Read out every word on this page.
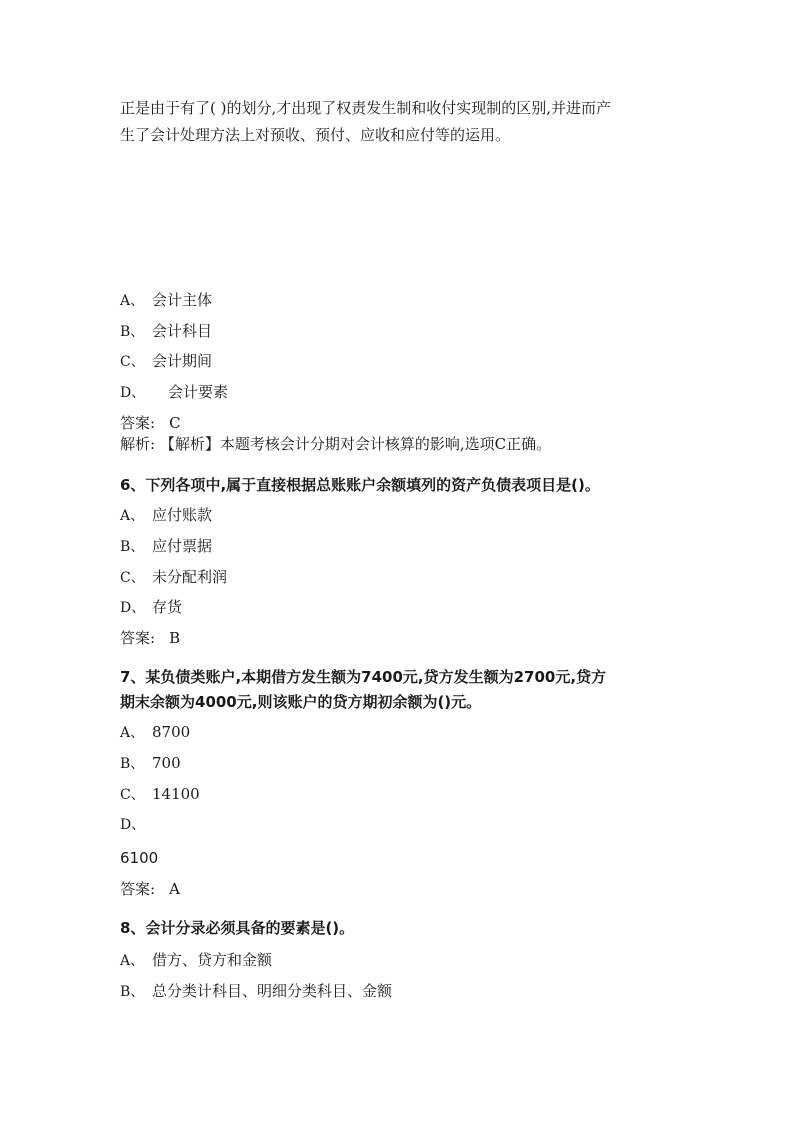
正是由于有了( )的划分,才出现了权责发生制和收付实现制的区别,并进而产
生了会计处理方法上对预收、预付、应收和应付等的运用。
A、 会计主体
B、 会计科目
C、 会计期间
D、	会计要素
答案: C
解析: 【解析】本题考核会计分期对会计核算的影响,选项C正确。
6、下列各项中,属于直接根据总账账户余额填列的资产负债表项目是()。
A、 应付账款
B、 应付票据
C、 未分配利润
D、 存货
答案: B
7、某负债类账户,本期借方发生额为7400元,贷方发生额为2700元,贷方
期末余额为4000元,则该账户的贷方期初余额为()元。
A、 8700
B、 700
C、 14100
D、
6100
答案: A
8、会计分录必须具备的要素是()。
A、 借方、贷方和金额
B、 总分类计科目、明细分类科目、金额
